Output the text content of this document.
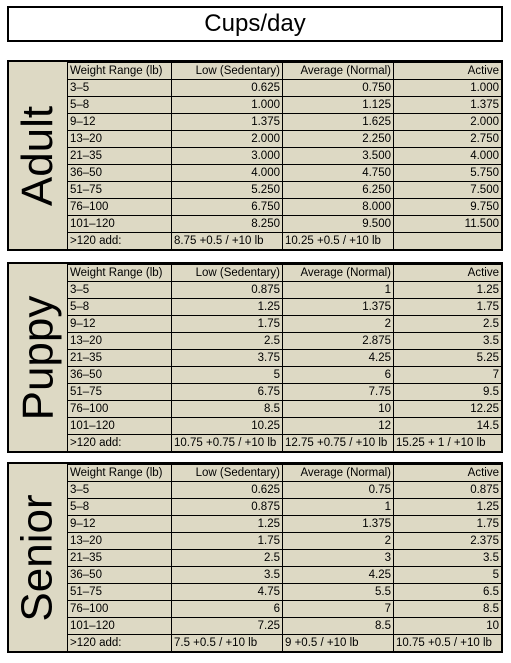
Cups/day
Adult
Weight Range (lb)	Low (Sedentary)	Average (Normal)	Active
3–5	0.625	0.750	1.000
5–8	1.000	1.125	1.375
9–12	1.375	1.625	2.000
13–20	2.000	2.250	2.750
21–35	3.000	3.500	4.000
36–50	4.000	4.750	5.750
51–75	5.250	6.250	7.500
76–100	6.750	8.000	9.750
101–120	8.250	9.500	11.500
>120 add:	8.75 +0.5 / +10 lb	10.25 +0.5 / +10 lb	
Puppy
Weight Range (lb)	Low (Sedentary)	Average (Normal)	Active
3–5	0.875	1	1.25
5–8	1.25	1.375	1.75
9–12	1.75	2	2.5
13–20	2.5	2.875	3.5
21–35	3.75	4.25	5.25
36–50	5	6	7
51–75	6.75	7.75	9.5
76–100	8.5	10	12.25
101–120	10.25	12	14.5
>120 add:	10.75 +0.75 / +10 lb	12.75 +0.75 / +10 lb	15.25 + 1 / +10 lb
Senior
Weight Range (lb)	Low (Sedentary)	Average (Normal)	Active
3–5	0.625	0.75	0.875
5–8	0.875	1	1.25
9–12	1.25	1.375	1.75
13–20	1.75	2	2.375
21–35	2.5	3	3.5
36–50	3.5	4.25	5
51–75	4.75	5.5	6.5
76–100	6	7	8.5
101–120	7.25	8.5	10
>120 add:	7.5 +0.5 / +10 lb	9 +0.5 / +10 lb	10.75 +0.5 / +10 lb
